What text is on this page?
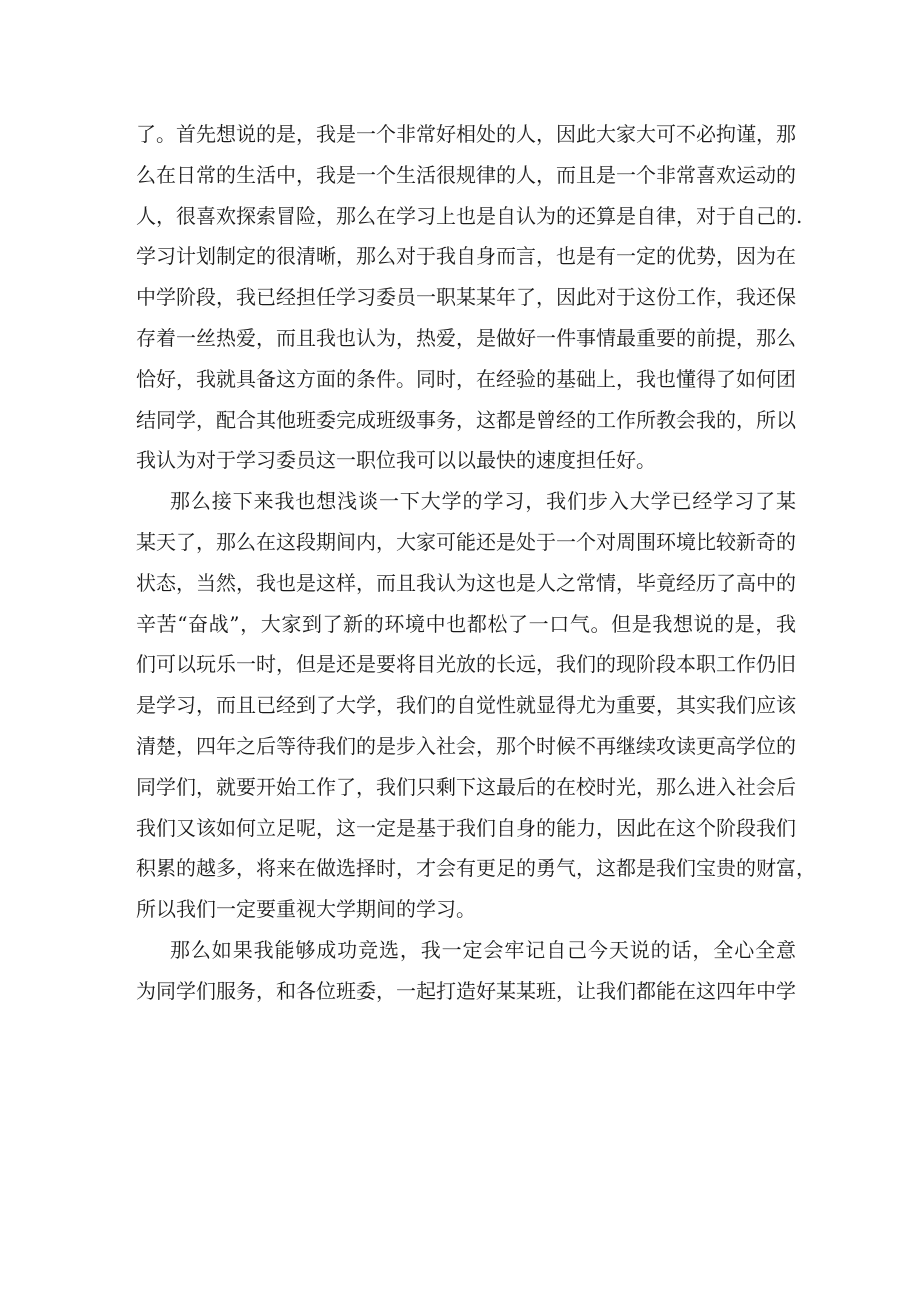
了。首先想说的是，我是一个非常好相处的人，因此大家大可不必拘谨，那
么在日常的生活中，我是一个生活很规律的人，而且是一个非常喜欢运动的
人，很喜欢探索冒险，那么在学习上也是自认为的还算是自律，对于自己的.
学习计划制定的很清晰，那么对于我自身而言，也是有一定的优势，因为在
中学阶段，我已经担任学习委员一职某某年了，因此对于这份工作，我还保
存着一丝热爱，而且我也认为，热爱，是做好一件事情最重要的前提，那么
恰好，我就具备这方面的条件。同时，在经验的基础上，我也懂得了如何团
结同学，配合其他班委完成班级事务，这都是曾经的工作所教会我的，所以
我认为对于学习委员这一职位我可以以最快的速度担任好。
那么接下来我也想浅谈一下大学的学习，我们步入大学已经学习了某
某天了，那么在这段期间内，大家可能还是处于一个对周围环境比较新奇的
状态，当然，我也是这样，而且我认为这也是人之常情，毕竟经历了高中的
辛苦“奋战”，大家到了新的环境中也都松了一口气。但是我想说的是，我
们可以玩乐一时，但是还是要将目光放的长远，我们的现阶段本职工作仍旧
是学习，而且已经到了大学，我们的自觉性就显得尤为重要，其实我们应该
清楚，四年之后等待我们的是步入社会，那个时候不再继续攻读更高学位的
同学们，就要开始工作了，我们只剩下这最后的在校时光，那么进入社会后
我们又该如何立足呢，这一定是基于我们自身的能力，因此在这个阶段我们
积累的越多，将来在做选择时，才会有更足的勇气，这都是我们宝贵的财富，
所以我们一定要重视大学期间的学习。
那么如果我能够成功竞选，我一定会牢记自己今天说的话，全心全意
为同学们服务，和各位班委，一起打造好某某班，让我们都能在这四年中学
